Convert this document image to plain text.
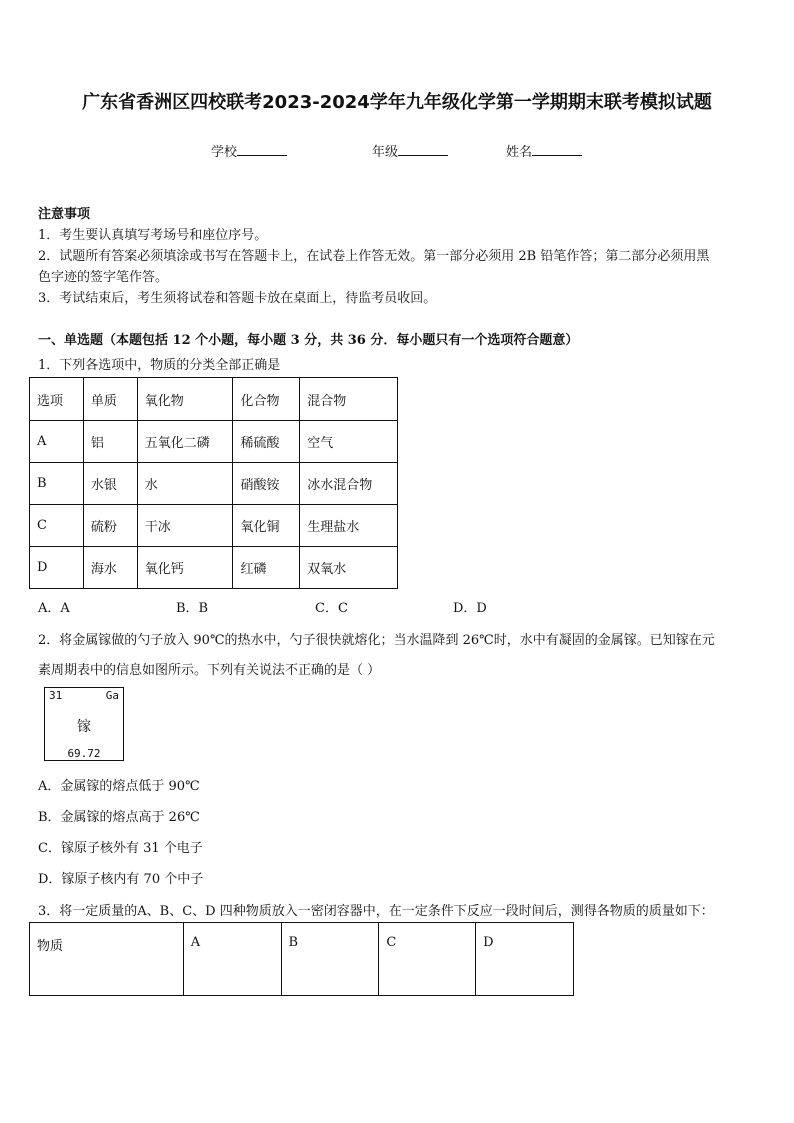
广东省香洲区四校联考2023-2024学年九年级化学第一学期期末联考模拟试题
学校	年级	姓名
注意事项
1．考生要认真填写考场号和座位序号。
2．试题所有答案必须填涂或书写在答题卡上，在试卷上作答无效。第一部分必须用 2B 铅笔作答；第二部分必须用黑
色字迹的签字笔作答。
3．考试结束后，考生须将试卷和答题卡放在桌面上，待监考员收回。
一、单选题（本题包括 12 个小题，每小题 3 分，共 36 分．每小题只有一个选项符合题意）
1．下列各选项中，物质的分类全部正确是
选项	单质	氧化物	化合物	混合物
A	铝	五氧化二磷	稀硫酸	空气
B	水银	水	硝酸铵	冰水混合物
C	硫粉	干冰	氧化铜	生理盐水
D	海水	氧化钙	红磷	双氧水
A．A	B．B	C．C	D．D
2．将金属镓做的勺子放入 90℃的热水中，勺子很快就熔化；当水温降到 26℃时，水中有凝固的金属镓。已知镓在元
素周期表中的信息如图所示。下列有关说法不正确的是（ ）
31	Ga
镓
69.72
A．金属镓的熔点低于 90℃
B．金属镓的熔点高于 26℃
C．镓原子核外有 31 个电子
D．镓原子核内有 70 个中子
3．将一定质量的A、B、C、D 四种物质放入一密闭容器中，在一定条件下反应一段时间后，测得各物质的质量如下：
物质	A	B	C	D
